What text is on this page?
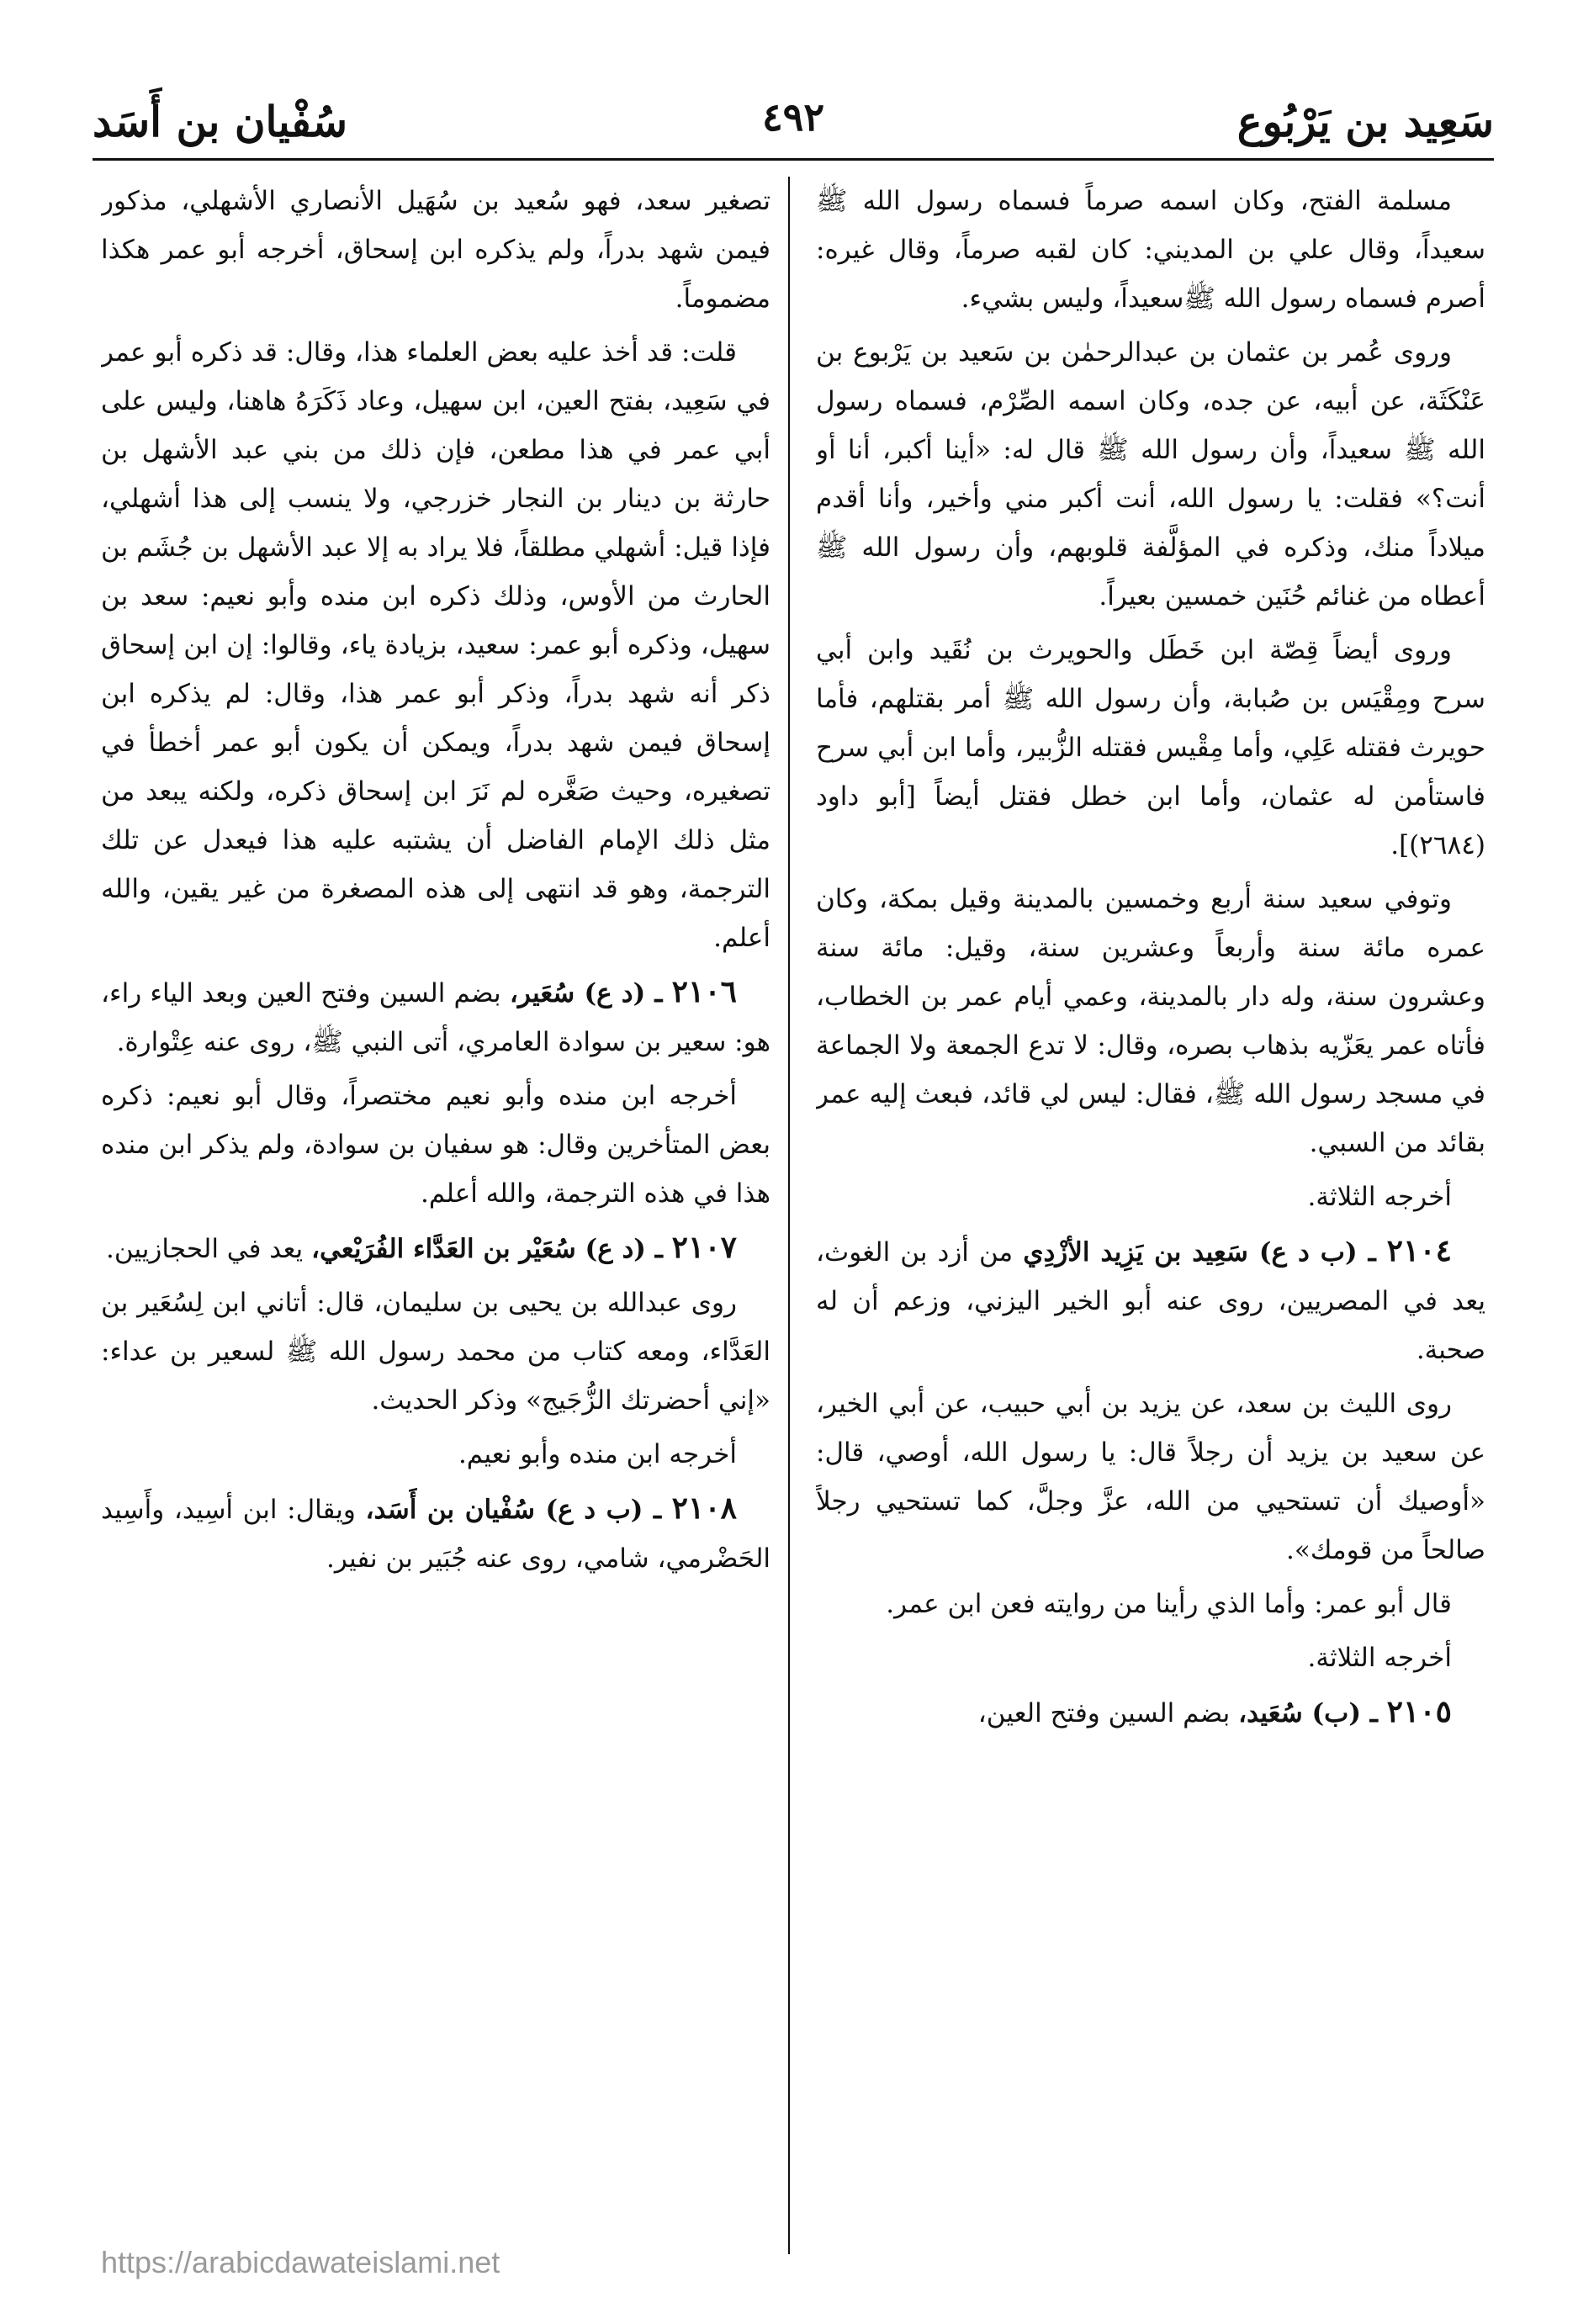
سَعِيد بن يَرْبُوع
٤٩٢
سُفْيان بن أَسَد

مسلمة الفتح، وكان اسمه صرماً فسماه رسول الله ﷺ سعيداً، وقال علي بن المديني: كان لقبه صرماً، وقال غيره: أصرم فسماه رسول الله ﷺسعيداً، وليس بشيء.

وروى عُمر بن عثمان بن عبدالرحمٰن بن سَعيد بن يَرْبوع بن عَنْكَثَة، عن أبيه، عن جده، وكان اسمه الصِّرْم، فسماه رسول الله ﷺ سعيداً، وأن رسول الله ﷺ قال له: «أينا أكبر، أنا أو أنت؟» فقلت: يا رسول الله، أنت أكبر مني وأخير، وأنا أقدم ميلاداً منك، وذكره في المؤلَّفة قلوبهم، وأن رسول الله ﷺ أعطاه من غنائم حُنَين خمسين بعيراً.

وروى أيضاً قِصّة ابن خَطَل والحويرث بن نُقَيد وابن أبي سرح ومِقْيَس بن صُبابة، وأن رسول الله ﷺ أمر بقتلهم، فأما حويرث فقتله عَلِي، وأما مِقْيس فقتله الزُّبير، وأما ابن أبي سرح فاستأمن له عثمان، وأما ابن خطل فقتل أيضاً [أبو داود (٢٦٨٤)].

وتوفي سعيد سنة أربع وخمسين بالمدينة وقيل بمكة، وكان عمره مائة سنة وأربعاً وعشرين سنة، وقيل: مائة سنة وعشرون سنة، وله دار بالمدينة، وعمي أيام عمر بن الخطاب، فأتاه عمر يعَزّيه بذهاب بصره، وقال: لا تدع الجمعة ولا الجماعة في مسجد رسول الله ﷺ، فقال: ليس لي قائد، فبعث إليه عمر بقائد من السبي.

أخرجه الثلاثة.

٢١٠٤ ـ (ب د ع) سَعِيد بن يَزِيد الأزْدِي من أزد بن الغوث، يعد في المصريين، روى عنه أبو الخير اليزني، وزعم أن له صحبة.

روى الليث بن سعد، عن يزيد بن أبي حبيب، عن أبي الخير، عن سعيد بن يزيد أن رجلاً قال: يا رسول الله، أوصي، قال: «أوصيك أن تستحيي من الله، عزَّ وجلَّ، كما تستحيي رجلاً صالحاً من قومك».

قال أبو عمر: وأما الذي رأينا من روايته فعن ابن عمر.

أخرجه الثلاثة.

٢١٠٥ ـ (ب) سُعَيد، بضم السين وفتح العين،

تصغير سعد، فهو سُعيد بن سُهَيل الأنصاري الأشهلي، مذكور فيمن شهد بدراً، ولم يذكره ابن إسحاق، أخرجه أبو عمر هكذا مضموماً.

قلت: قد أخذ عليه بعض العلماء هذا، وقال: قد ذكره أبو عمر في سَعِيد، بفتح العين، ابن سهيل، وعاد ذَكَرَهُ هاهنا، وليس على أبي عمر في هذا مطعن، فإن ذلك من بني عبد الأشهل بن حارثة بن دينار بن النجار خزرجي، ولا ينسب إلى هذا أشهلي، فإذا قيل: أشهلي مطلقاً، فلا يراد به إلا عبد الأشهل بن جُشَم بن الحارث من الأوس، وذلك ذكره ابن منده وأبو نعيم: سعد بن سهيل، وذكره أبو عمر: سعيد، بزيادة ياء، وقالوا: إن ابن إسحاق ذكر أنه شهد بدراً، وذكر أبو عمر هذا، وقال: لم يذكره ابن إسحاق فيمن شهد بدراً، ويمكن أن يكون أبو عمر أخطأ في تصغيره، وحيث صَغَّره لم نَرَ ابن إسحاق ذكره، ولكنه يبعد من مثل ذلك الإمام الفاضل أن يشتبه عليه هذا فيعدل عن تلك الترجمة، وهو قد انتهى إلى هذه المصغرة من غير يقين، والله أعلم.

٢١٠٦ ـ (د ع) سُعَير، بضم السين وفتح العين وبعد الياء راء، هو: سعير بن سوادة العامري، أتى النبي ﷺ، روى عنه عِتْوارة.

أخرجه ابن منده وأبو نعيم مختصراً، وقال أبو نعيم: ذكره بعض المتأخرين وقال: هو سفيان بن سوادة، ولم يذكر ابن منده هذا في هذه الترجمة، والله أعلم.

٢١٠٧ ـ (د ع) سُعَيْر بن العَدَّاء الفُرَيْعي، يعد في الحجازيين.

روى عبدالله بن يحيى بن سليمان، قال: أتاني ابن لِسُعَير بن العَدَّاء، ومعه كتاب من محمد رسول الله ﷺ لسعير بن عداء: «إني أحضرتك الزُّجَيج» وذكر الحديث.

أخرجه ابن منده وأبو نعيم.

٢١٠٨ ـ (ب د ع) سُفْيان بن أَسَد، ويقال: ابن أسِيد، وأَسِيد الحَضْرمي، شامي، روى عنه جُبَير بن نفير.

https://arabicdawateislami.net
